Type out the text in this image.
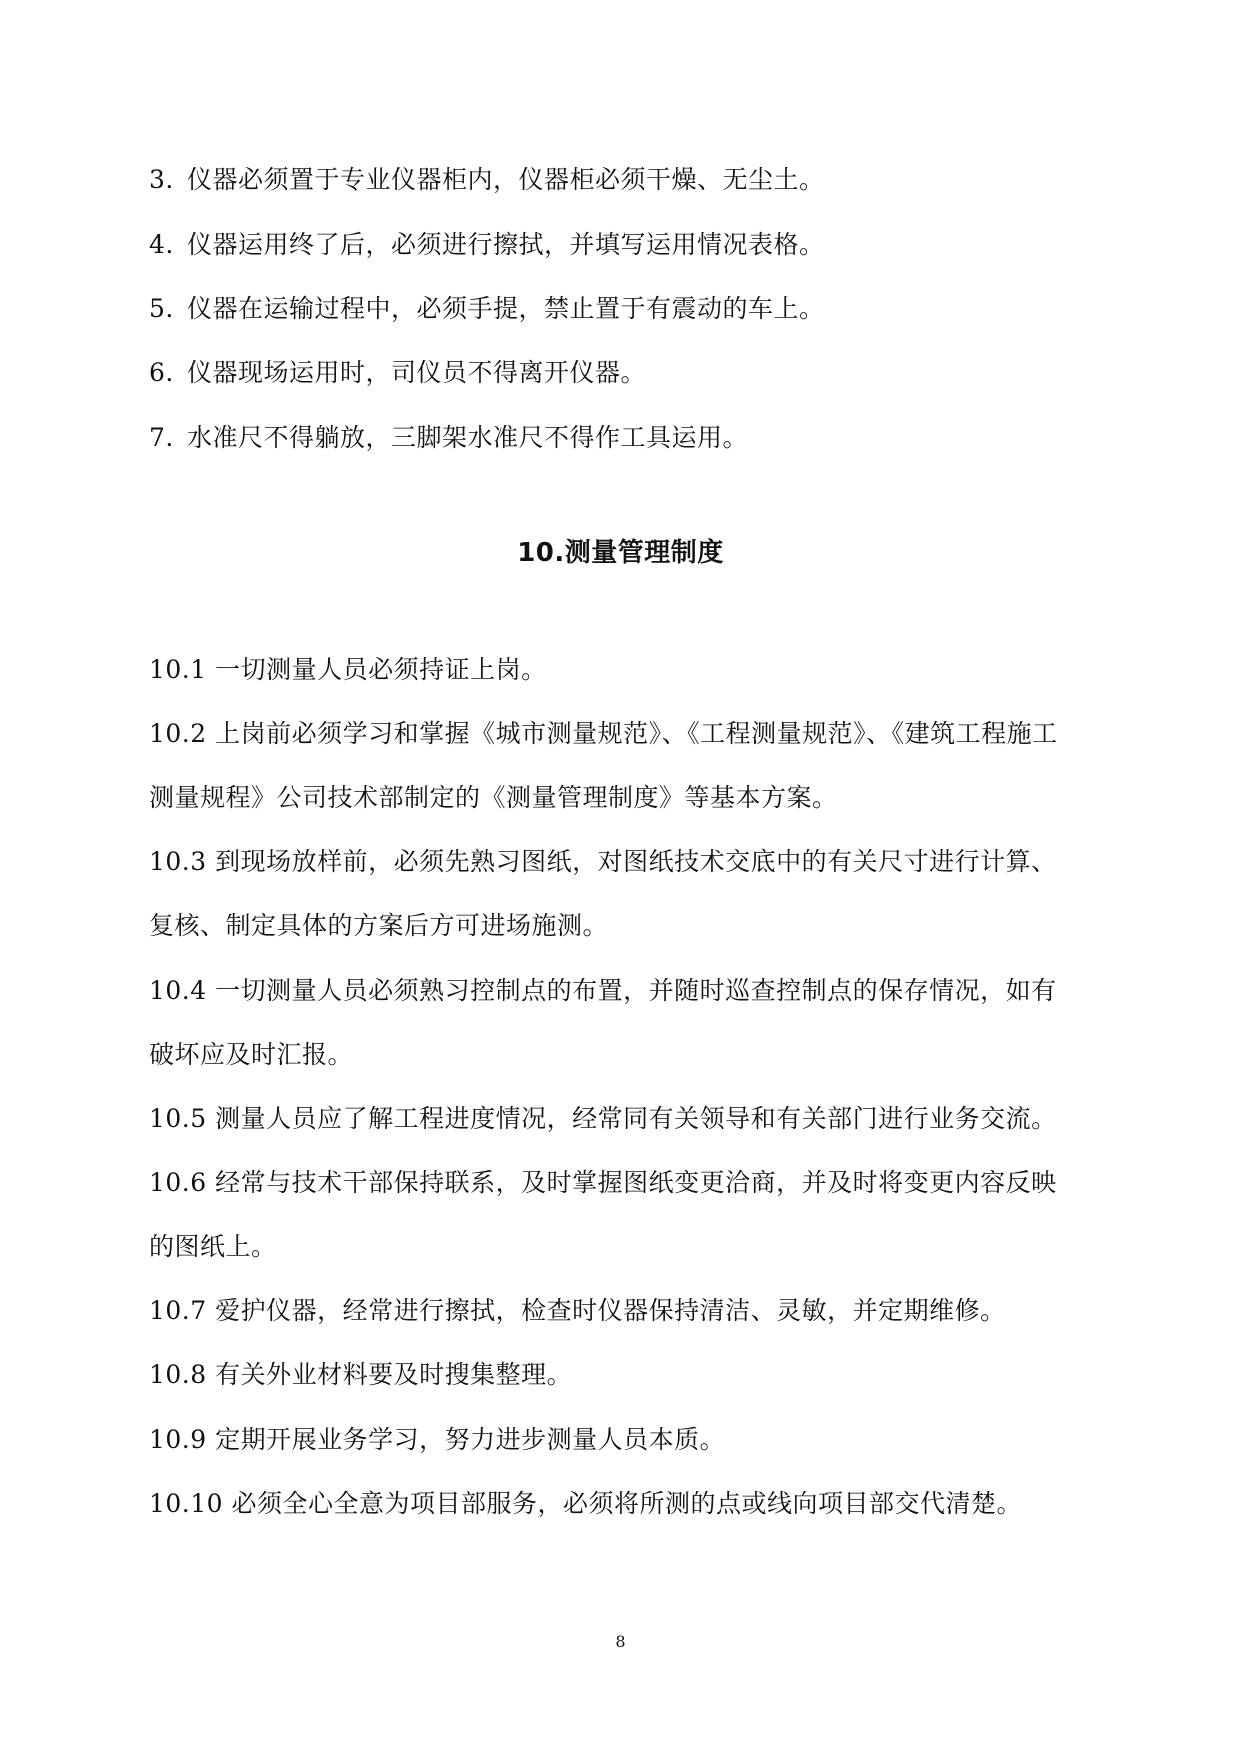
3. 仪器必须置于专业仪器柜内，仪器柜必须干燥、无尘土。
4. 仪器运用终了后，必须进行擦拭，并填写运用情况表格。
5. 仪器在运输过程中，必须手提，禁止置于有震动的车上。
6. 仪器现场运用时，司仪员不得离开仪器。
7. 水准尺不得躺放，三脚架水准尺不得作工具运用。
10.测量管理制度
10.1 一切测量人员必须持证上岗。
10.2 上岗前必须学习和掌握《城市测量规范》、《工程测量规范》、《建筑工程施工
测量规程》公司技术部制定的《测量管理制度》等基本方案。
10.3 到现场放样前，必须先熟习图纸，对图纸技术交底中的有关尺寸进行计算、
复核、制定具体的方案后方可进场施测。
10.4 一切测量人员必须熟习控制点的布置，并随时巡查控制点的保存情况，如有
破坏应及时汇报。
10.5 测量人员应了解工程进度情况，经常同有关领导和有关部门进行业务交流。
10.6 经常与技术干部保持联系，及时掌握图纸变更洽商，并及时将变更内容反映
的图纸上。
10.7 爱护仪器，经常进行擦拭，检查时仪器保持清洁、灵敏，并定期维修。
10.8 有关外业材料要及时搜集整理。
10.9 定期开展业务学习，努力进步测量人员本质。
10.10 必须全心全意为项目部服务，必须将所测的点或线向项目部交代清楚。
8
